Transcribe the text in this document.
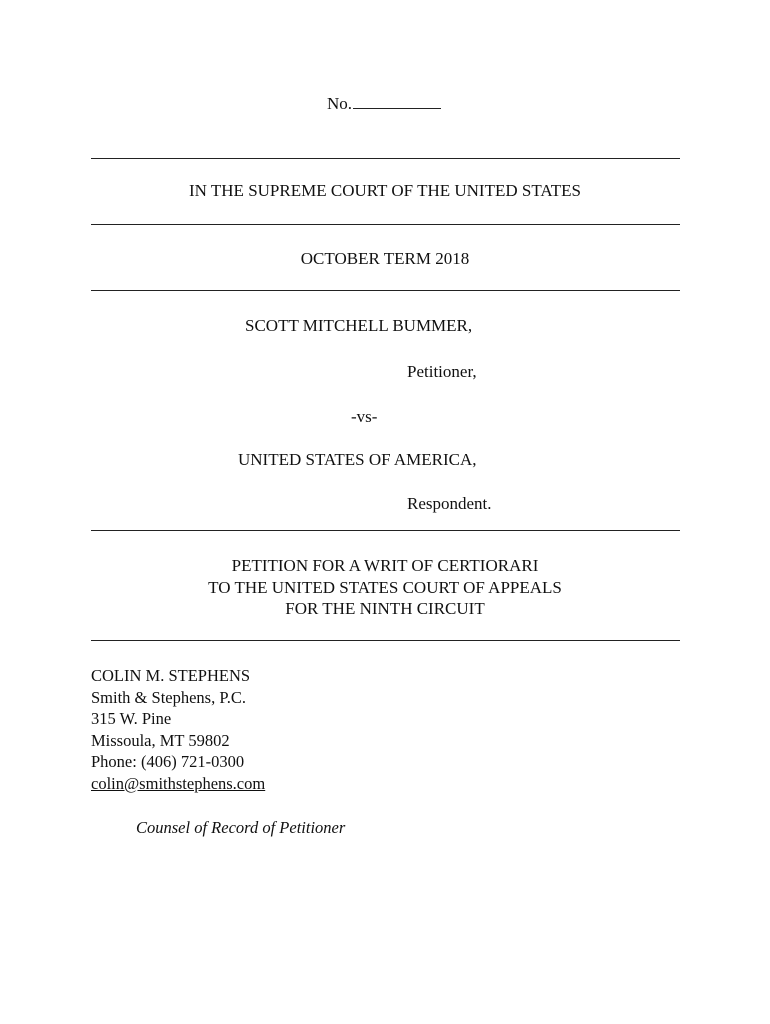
No.
IN THE SUPREME COURT OF THE UNITED STATES
OCTOBER TERM 2018
SCOTT MITCHELL BUMMER,
Petitioner,
-vs-
UNITED STATES OF AMERICA,
Respondent.
PETITION FOR A WRIT OF CERTIORARI
TO THE UNITED STATES COURT OF APPEALS
FOR THE NINTH CIRCUIT
COLIN M. STEPHENS
Smith & Stephens, P.C.
315 W. Pine
Missoula, MT 59802
Phone: (406) 721-0300
colin@smithstephens.com
Counsel of Record of Petitioner
